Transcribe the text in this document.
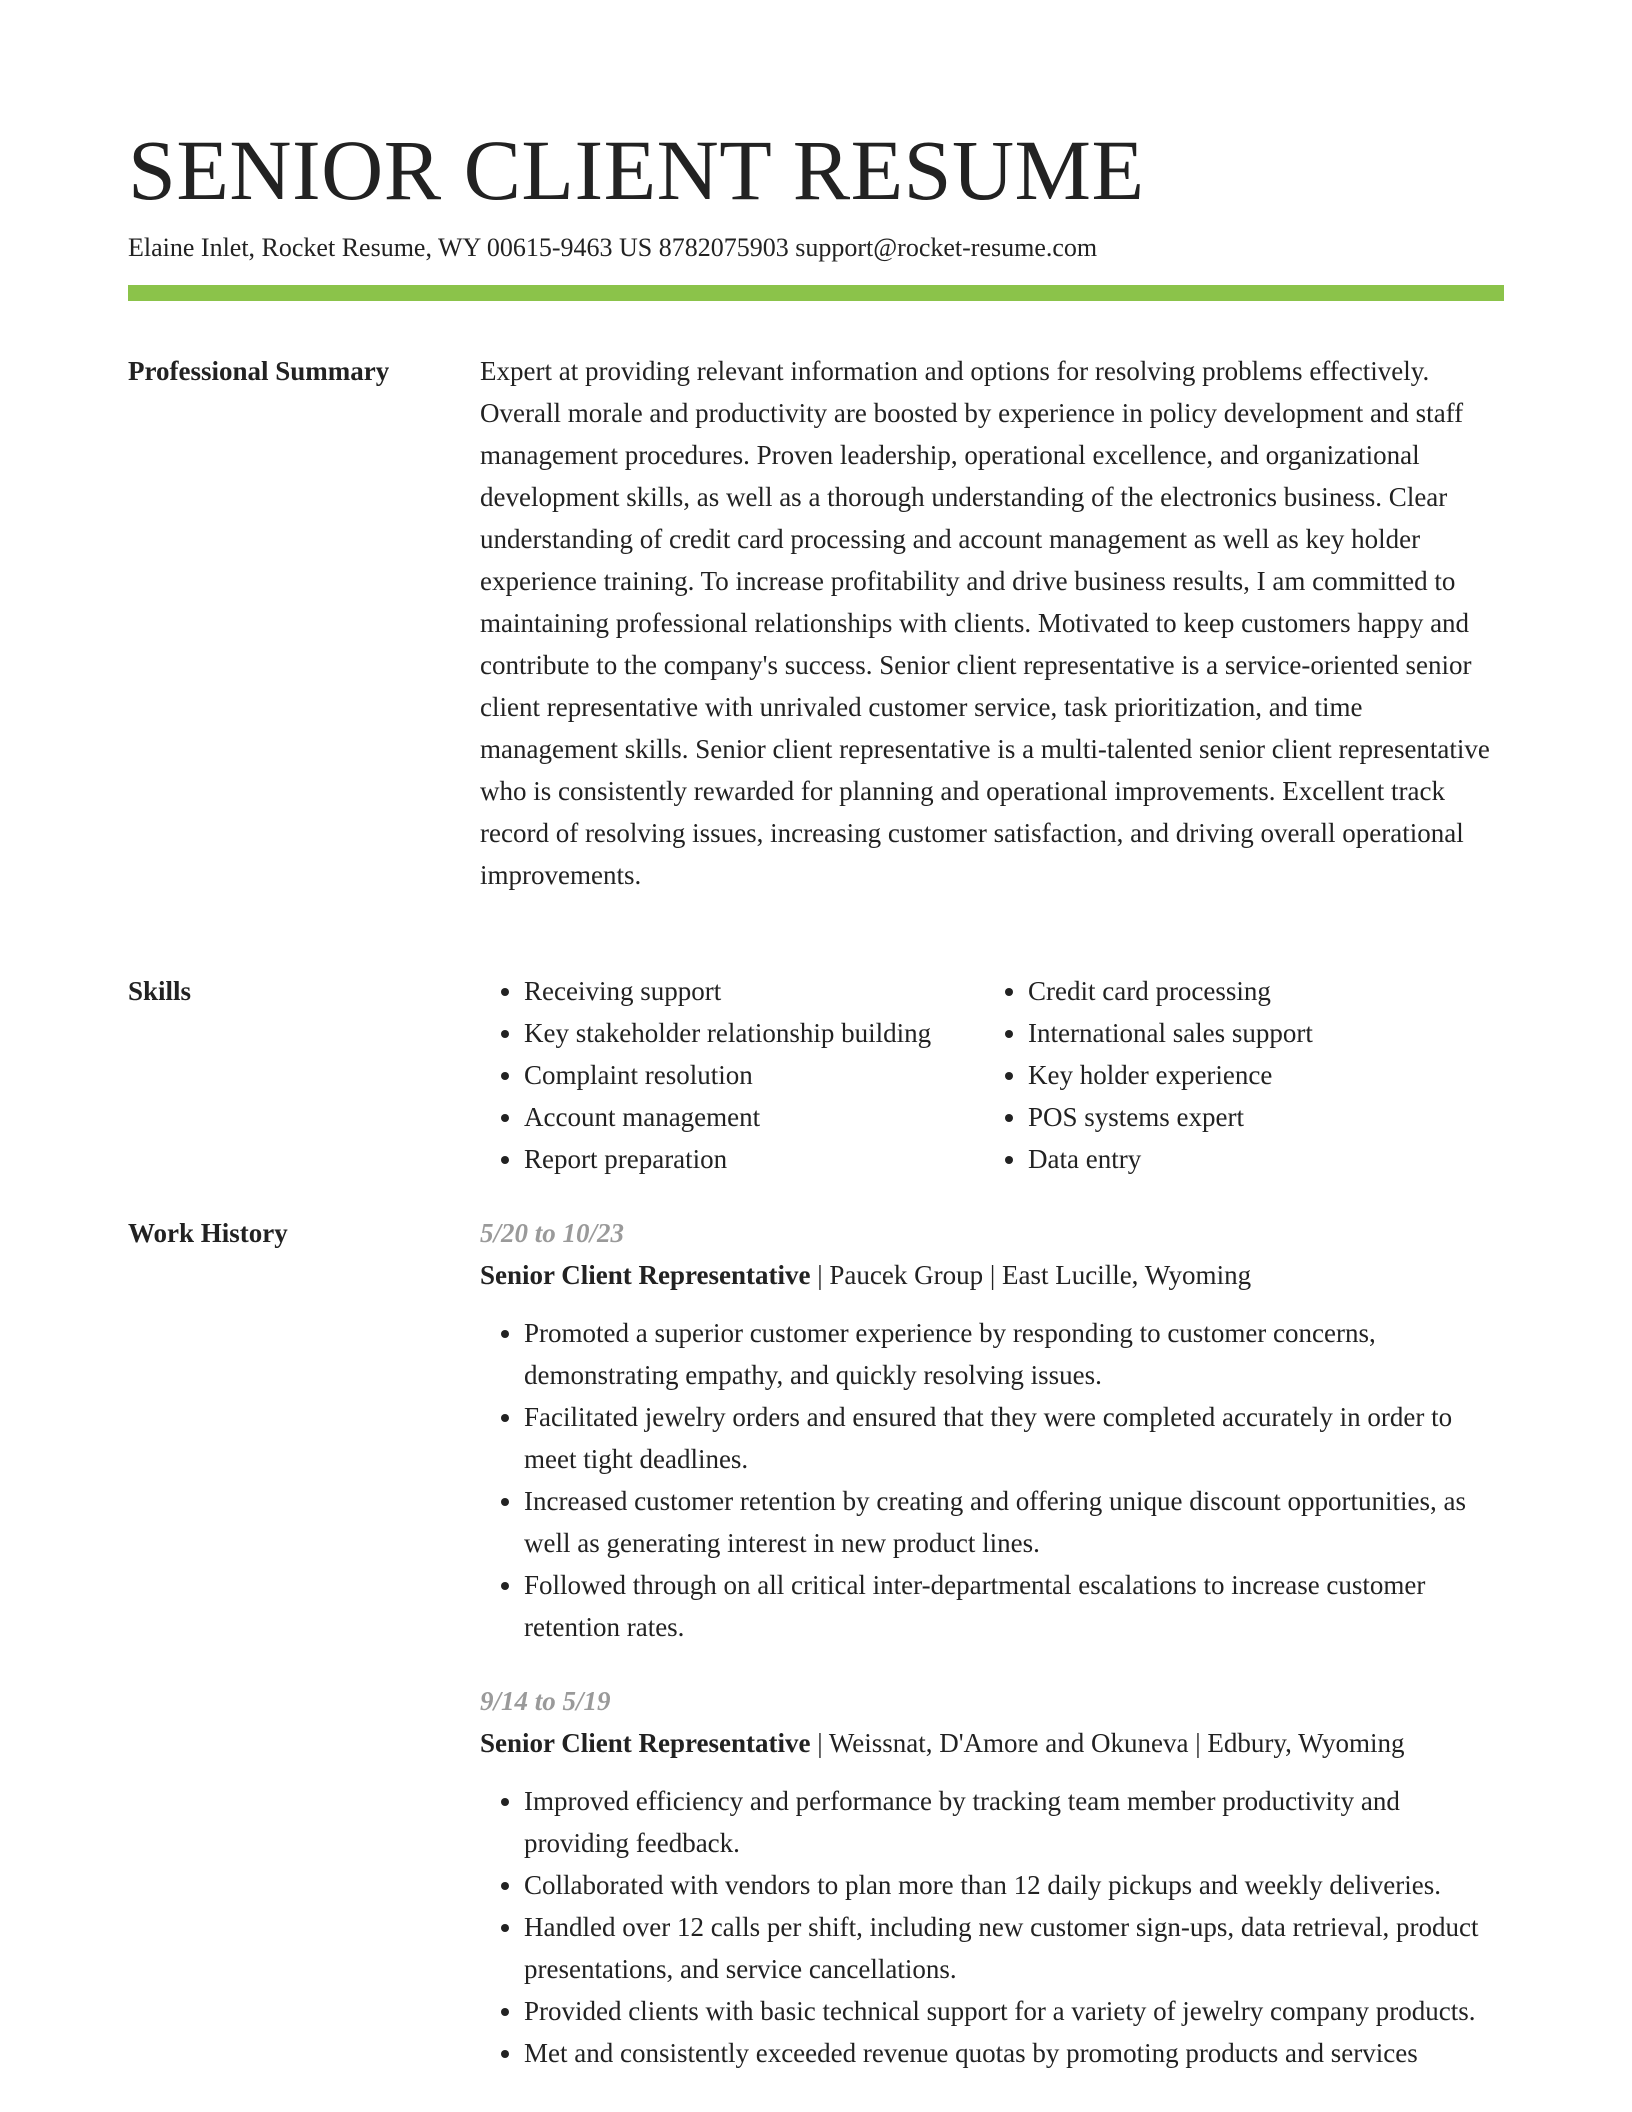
SENIOR CLIENT RESUME
Elaine Inlet, Rocket Resume, WY 00615-9463 US 8782075903 support@rocket-resume.com
Professional Summary	Expert at providing relevant information and options for resolving problems effectively. Overall morale and productivity are boosted by experience in policy development and staff management procedures. Proven leadership, operational excellence, and organizational development skills, as well as a thorough understanding of the electronics business. Clear understanding of credit card processing and account management as well as key holder experience training. To increase profitability and drive business results, I am committed to maintaining professional relationships with clients. Motivated to keep customers happy and contribute to the company's success. Senior client representative is a service-oriented senior client representative with unrivaled customer service, task prioritization, and time management skills. Senior client representative is a multi-talented senior client representative who is consistently rewarded for planning and operational improvements. Excellent track record of resolving issues, increasing customer satisfaction, and driving overall operational improvements.

Skills
•	Receiving support
• Key stakeholder relationship building
• Complaint resolution
• Account management
• Report preparation
• Credit card processing
• International sales support
• Key holder experience
• POS systems expert
• Data entry
Work History	5/20 to 10/23
Senior Client Representative | Paucek Group | East Lucille, Wyoming
• Promoted a superior customer experience by responding to customer concerns, demonstrating empathy, and quickly resolving issues.
• Facilitated jewelry orders and ensured that they were completed accurately in order to meet tight deadlines.
• Increased customer retention by creating and offering unique discount opportunities, as well as generating interest in new product lines.
• Followed through on all critical inter-departmental escalations to increase customer retention rates.
9/14 to 5/19
Senior Client Representative | Weissnat, D'Amore and Okuneva | Edbury, Wyoming
• Improved efficiency and performance by tracking team member productivity and providing feedback.
• Collaborated with vendors to plan more than 12 daily pickups and weekly deliveries.
• Handled over 12 calls per shift, including new customer sign-ups, data retrieval, product presentations, and service cancellations.
• Provided clients with basic technical support for a variety of jewelry company products.
• Met and consistently exceeded revenue quotas by promoting products and services
